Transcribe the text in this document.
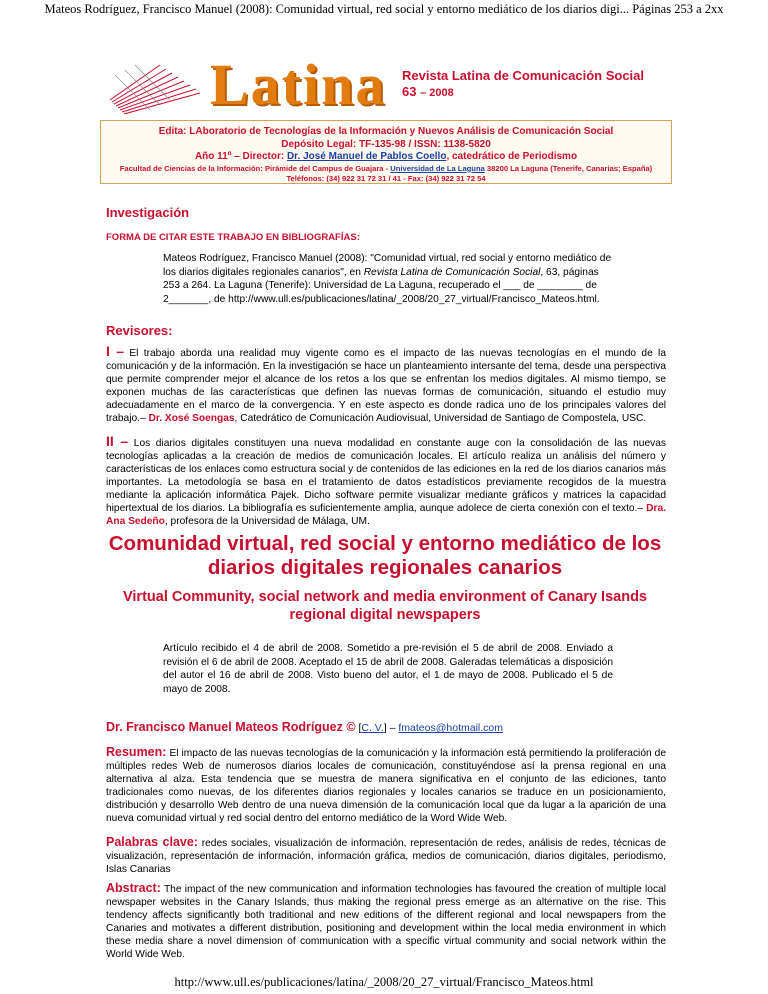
Mateos Rodríguez, Francisco Manuel (2008): Comunidad virtual, red social y entorno mediático de los diarios digi... Páginas 253 a 2xx
Latina Revista Latina de Comunicación Social
63 – 2008
Edita: LAboratorio de Tecnologías de la Información y Nuevos Análisis de Comunicación Social
Depósito Legal: TF-135-98 / ISSN: 1138-5820
Año 11º – Director: Dr. José Manuel de Pablos Coello, catedrático de Periodismo
Facultad de Ciencias de la Información: Pirámide del Campus de Guajara - Universidad de La Laguna 38200 La Laguna (Tenerife, Canarias; España)
Teléfonos: (34) 922 31 72 31 / 41 - Fax: (34) 922 31 72 54
Investigación
FORMA DE CITAR ESTE TRABAJO EN BIBLIOGRAFÍAS:
Mateos Rodríguez, Francisco Manuel (2008): "Comunidad virtual, red social y entorno mediático de los diarios digitales regionales canarios", en Revista Latina de Comunicación Social, 63, páginas 253 a 264. La Laguna (Tenerife): Universidad de La Laguna, recuperado el ___ de ________ de 2_______, de http://www.ull.es/publicaciones/latina/_2008/20_27_virtual/Francisco_Mateos.html.
Revisores:
I – El trabajo aborda una realidad muy vigente como es el impacto de las nuevas tecnologías en el mundo de la comunicación y de la información. En la investigación se hace un planteamiento intersante del tema, desde una perspectiva que permite comprender mejor el alcance de los retos a los que se enfrentan los medios digitales. Al mismo tiempo, se exponen muchas de las características que definen las nuevas formas de comunicación, situando el estudio muy adecuadamente en el marco de la convergencia. Y en este aspecto es donde radica uno de los principales valores del trabajo.– Dr. Xosé Soengas, Catedrático de Comunicación Audiovisual, Universidad de Santiago de Compostela, USC.
II – Los diarios digitales constituyen una nueva modalidad en constante auge con la consolidación de las nuevas tecnologías aplicadas a la creación de medios de comunicación locales. El artículo realiza un análisis del número y características de los enlaces como estructura social y de contenidos de las ediciones en la red de los diarios canarios más importantes. La metodología se basa en el tratamiento de datos estadísticos previamente recogidos de la muestra mediante la aplicación informática Pajek. Dicho software permite visualizar mediante gráficos y matrices la capacidad hipertextual de los diarios. La bibliografía es suficientemente amplia, aunque adolece de cierta conexión con el texto.– Dra. Ana Sedeño, profesora de la Universidad de Málaga, UM.
Comunidad virtual, red social y entorno mediático de los diarios digitales regionales canarios
Virtual Community, social network and media environment of Canary Isands regional digital newspapers
Artículo recibido el 4 de abril de 2008. Sometido a pre-revisión el 5 de abril de 2008. Enviado a revisión el 6 de abril de 2008. Aceptado el 15 de abril de 2008. Galeradas telemáticas a disposición del autor el 16 de abril de 2008. Visto bueno del autor, el 1 de mayo de 2008. Publicado el 5 de mayo de 2008.
Dr. Francisco Manuel Mateos Rodríguez © [C. V.] – fmateos@hotmail.com
Resumen: El impacto de las nuevas tecnologías de la comunicación y la información está permitiendo la proliferación de múltiples redes Web de numerosos diarios locales de comunicación, constituyéndose así la prensa regional en una alternativa al alza. Esta tendencia que se muestra de manera significativa en el conjunto de las ediciones, tanto tradicionales como nuevas, de los diferentes diarios regionales y locales canarios se traduce en un posicionamiento, distribución y desarrollo Web dentro de una nueva dimensión de la comunicación local que da lugar a la aparición de una nueva comunidad virtual y red social dentro del entorno mediático de la Word Wide Web.
Palabras clave: redes sociales, visualización de información, representación de redes, análisis de redes, técnicas de visualización, representación de información, información gráfica, medios de comunicación, diarios digitales, periodismo, Islas Canarias
Abstract: The impact of the new communication and information technologies has favoured the creation of multiple local newspaper websites in the Canary Islands, thus making the regional press emerge as an alternative on the rise. This tendency affects significantly both traditional and new editions of the different regional and local newspapers from the Canaries and motivates a different distribution, positioning and development within the local media environment in which these media share a novel dimension of communication with a specific virtual community and social network within the World Wide Web.
http://www.ull.es/publicaciones/latina/_2008/20_27_virtual/Francisco_Mateos.html
